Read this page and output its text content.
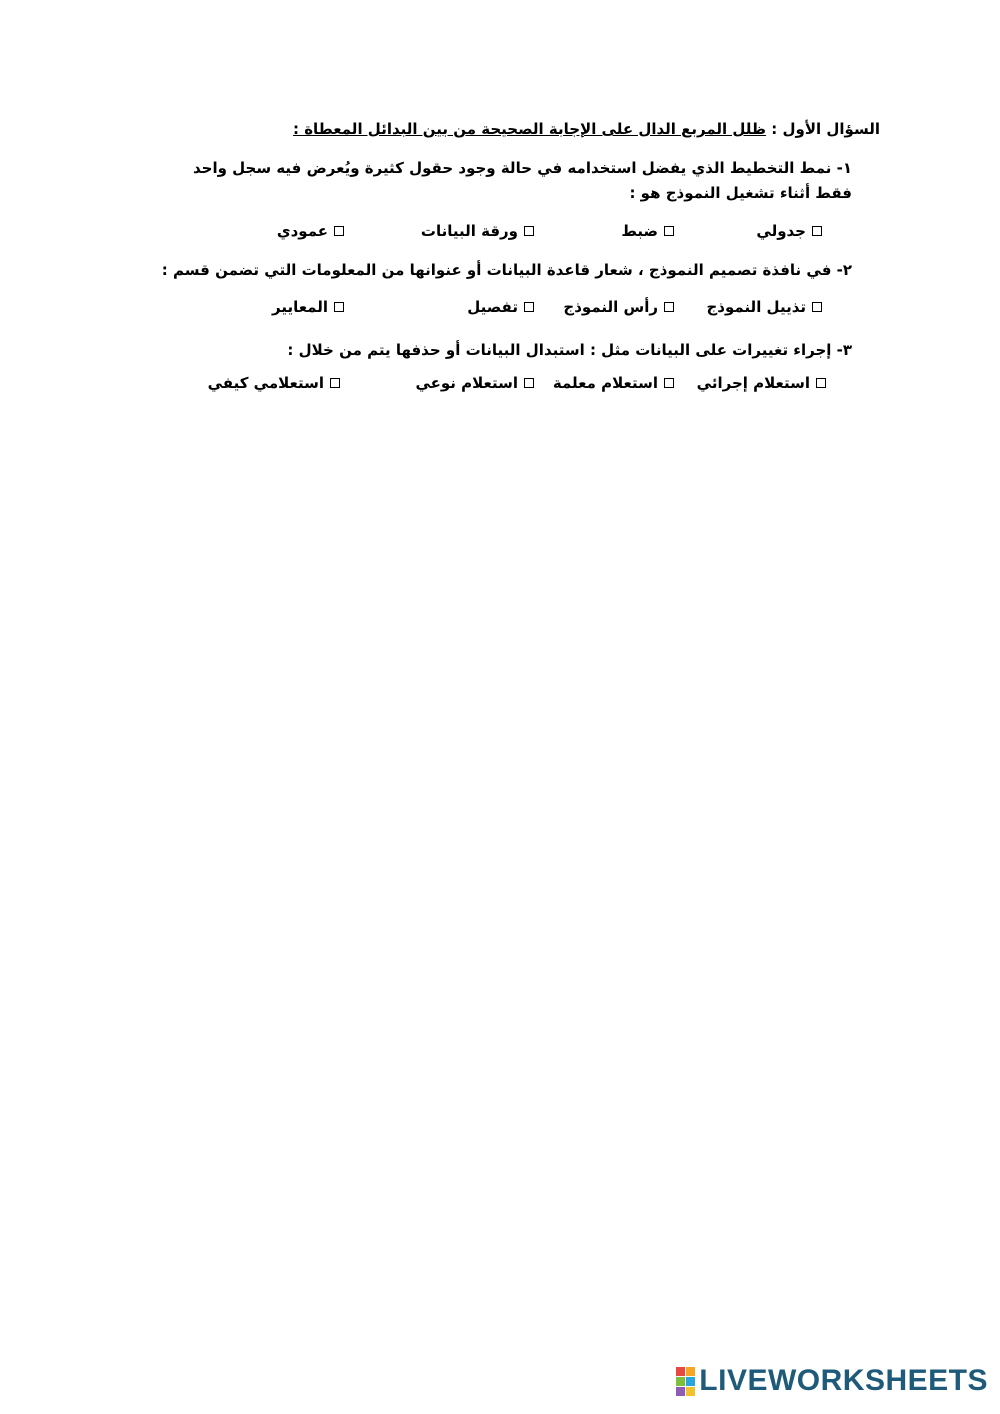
السؤال الأول : ظلل المربع الدال على الإجابة الصحيحة من بين البدائل المعطاة :
١- نمط التخطيط الذي يفضل استخدامه في حالة وجود حقول كثيرة ويُعرض فيه سجل واحد فقط أثناء تشغيل النموذج هو :
جدولي
ضبط
ورقة البيانات
عمودي
٢- في نافذة تصميم النموذج ، شعار قاعدة البيانات أو عنوانها من المعلومات التي تضمن قسم :
تذييل النموذج
رأس النموذج
تفصيل
المعايير
٣- إجراء تغييرات على البيانات مثل : استبدال البيانات أو حذفها يتم من خلال :
استعلام إجرائي
استعلام معلمة
استعلام نوعي
استعلامي كيفي
LIVEWORKSHEETS
